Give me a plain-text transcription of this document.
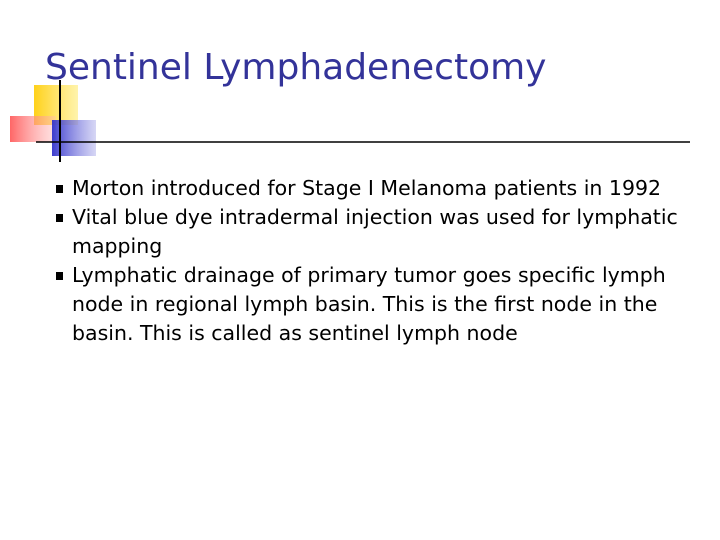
Sentinel Lymphadenectomy
Morton introduced for Stage I Melanoma patients in 1992
Vital blue dye intradermal injection was used for lymphatic mapping
Lymphatic drainage of primary tumor goes specific lymph node in regional lymph basin. This is the first node in the basin. This is called as sentinel lymph node
